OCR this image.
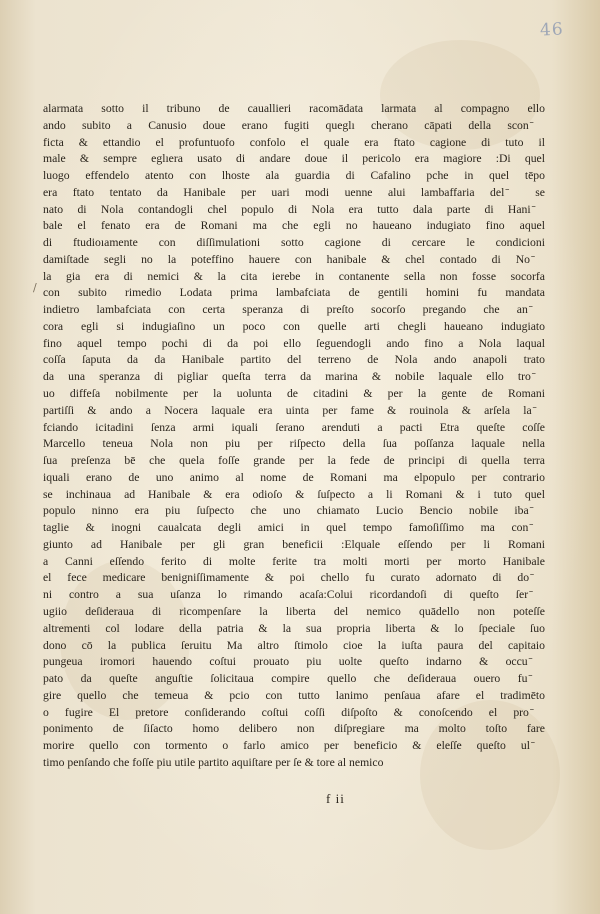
46

/

alarmata sotto il tribuno de cauallieri racomādata larmata al compagno ello

ando subito a Canusio doue erano fugiti queglı cherano cāpati della scon ̄

ficta & ettandio el profuntuofo confolo el quale era ftato cagione di tuto il

male & sempre eglıera usato di andare doue il pericolo era magiore :Di quel

luogo effendelo atento con lhoste ala guardia di Cafalino pche in quel tēpo

era ftato tentato da Hanibale per uari modi uenne alui lambaffaria del ̄ se

nato di Nola contandogli chel populo di Nola era tutto dala parte di Hani ̄

bale el fenato era de Romani ma che egli no haueano indugiato fino aquel

di ftudioıamente con diſſimulationi sotto cagione di cercare le condicioni

damiſtade segli no la poteffino hauere con hanibale & chel contado di No ̄

la gia era di nemici & la cita ierebe in contanente sella non fosse socorfa

con subito rimedio Lodata prima lambafciata de gentili homini fu mandata

indietro lambafciata con certa speranza di preſto socorſo pregando che an ̄

cora egli si indugiaſino un poco con quelle arti chegli haueano indugiato

fino aquel tempo pochi di da poi ello ſeguendogli ando fino a Nola laqual

coſſa ſaputa da da Hanibale partito del terreno de Nola ando anapoli trato

da una speranza di pigliar queſta terra da marina & nobile laquale ello tro ̄

uo diffeſa nobilmente per la uolunta de citadini & per la gente de Romani

partiſſi & ando a Nocera laquale era uinta per fame & rouinola & arſela la ̄

fciando icitadini ſenza armi iquali ſerano arenduti a pacti Etra queſte coſſe

Marcello teneua Nola non piu per riſpecto della ſua poſſanza laquale nella

ſua preſenza bē che quela foſſe grande per la fede de principi di quella terra

iquali erano de uno animo al nome de Romani ma elpopulo per contrario

se inchinaua ad Hanibale & era odioſo & ſuſpecto a li Romani & i tuto quel

populo ninno era piu ſuſpecto che uno chiamato Lucio Bencio nobile iba ̄

taglie & inogni caualcata degli amici in quel tempo famoſiſſimo ma con ̄

giunto ad Hanibale per gli gran beneficii :Elquale eſſendo per li Romani

a Canni eſſendo ferito di molte ferite tra molti morti per morto Hanibale

el fece medicare benigniſſimamente & poi chello fu curato adornato di do ̄

ni contro a sua uſanza lo rimando acaſa:Colui ricordandoſi di queſto ſer ̄

ugiio deſideraua di ricompenſare la liberta del nemico quādello non poteſſe

altrementi col lodare della patria & la sua propria liberta & lo ſpeciale ſuo

dono cō la publica ſeruitu Ma altro ſtimolo cioe la iuſta paura del capitaio

pungeua iromori hauendo coſtui prouato piu uolte queſto indarno & occu ̄

pato da queſte anguſtie ſolicitaua compire quello che deſideraua ouero fu ̄

gire quello che temeua & pcio con tutto lanimo penſaua afare el tradimēto

o fugire El pretore conſiderando coſtui coſſi diſpoſto & conoſcendo el pro ̄

ponimento de ſiſacto homo delibero non diſpregiare ma molto toſto fare

morire quello con tormento o farlo amico per beneficio & eleſſe queſto ul ̄

timo penſando che foſſe piu utile partito aquiſtare per ſe & tore al nemico

f ii
